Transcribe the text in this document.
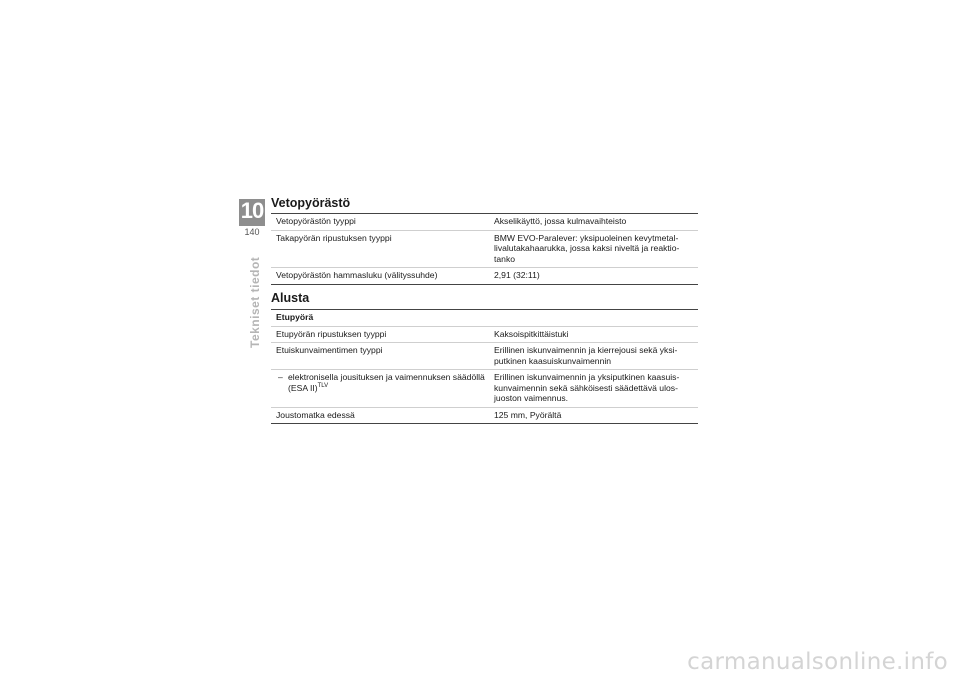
10
140
Tekniset tiedot
Vetopyörästö
Vetopyörästön tyyppi	Akselikäyttö, jossa kulmavaihteisto
Takapyörän ripustuksen tyyppi	BMW EVO-Paralever: yksipuoleinen kevytmetallivalutakahaarukka, jossa kaksi niveltä ja reaktiotanko
Vetopyörästön hammasluku (välityssuhde)	2,91 (32:11)
Alusta
Etupyörä	
Etupyörän ripustuksen tyyppi	Kaksoispitkittäistuki
Etuiskunvaimentimen tyyppi	Erillinen iskunvaimennin ja kierrejousi sekä yksiputkinen kaasuiskunvaimennin

– elektronisella jousituksen ja vaimennuksen säädöllä (ESA II)$^{TLV}$	Erillinen iskunvaimennin ja yksiputkinen kaasuiskunvaimennin sekä sähköisesti säädettävä ulosjuoston vaimennus.
Joustomatka edessä	125 mm, Pyörältä
carmanualsonline.info
